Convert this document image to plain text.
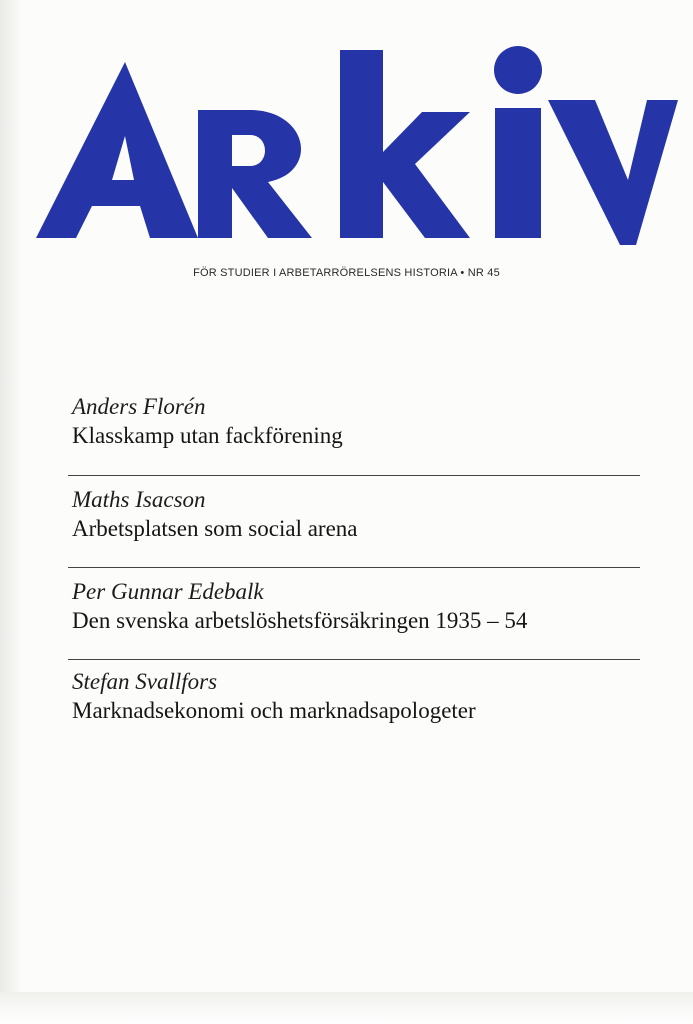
FÖR STUDIER I ARBETARRÖRELSENS HISTORIA • NR 45
Anders Florén
Klasskamp utan fackförening
Maths Isacson
Arbetsplatsen som social arena
Per Gunnar Edebalk
Den svenska arbetslöshetsförsäkringen 1935 – 54
Stefan Svallfors
Marknadsekonomi och marknadsapologeter
